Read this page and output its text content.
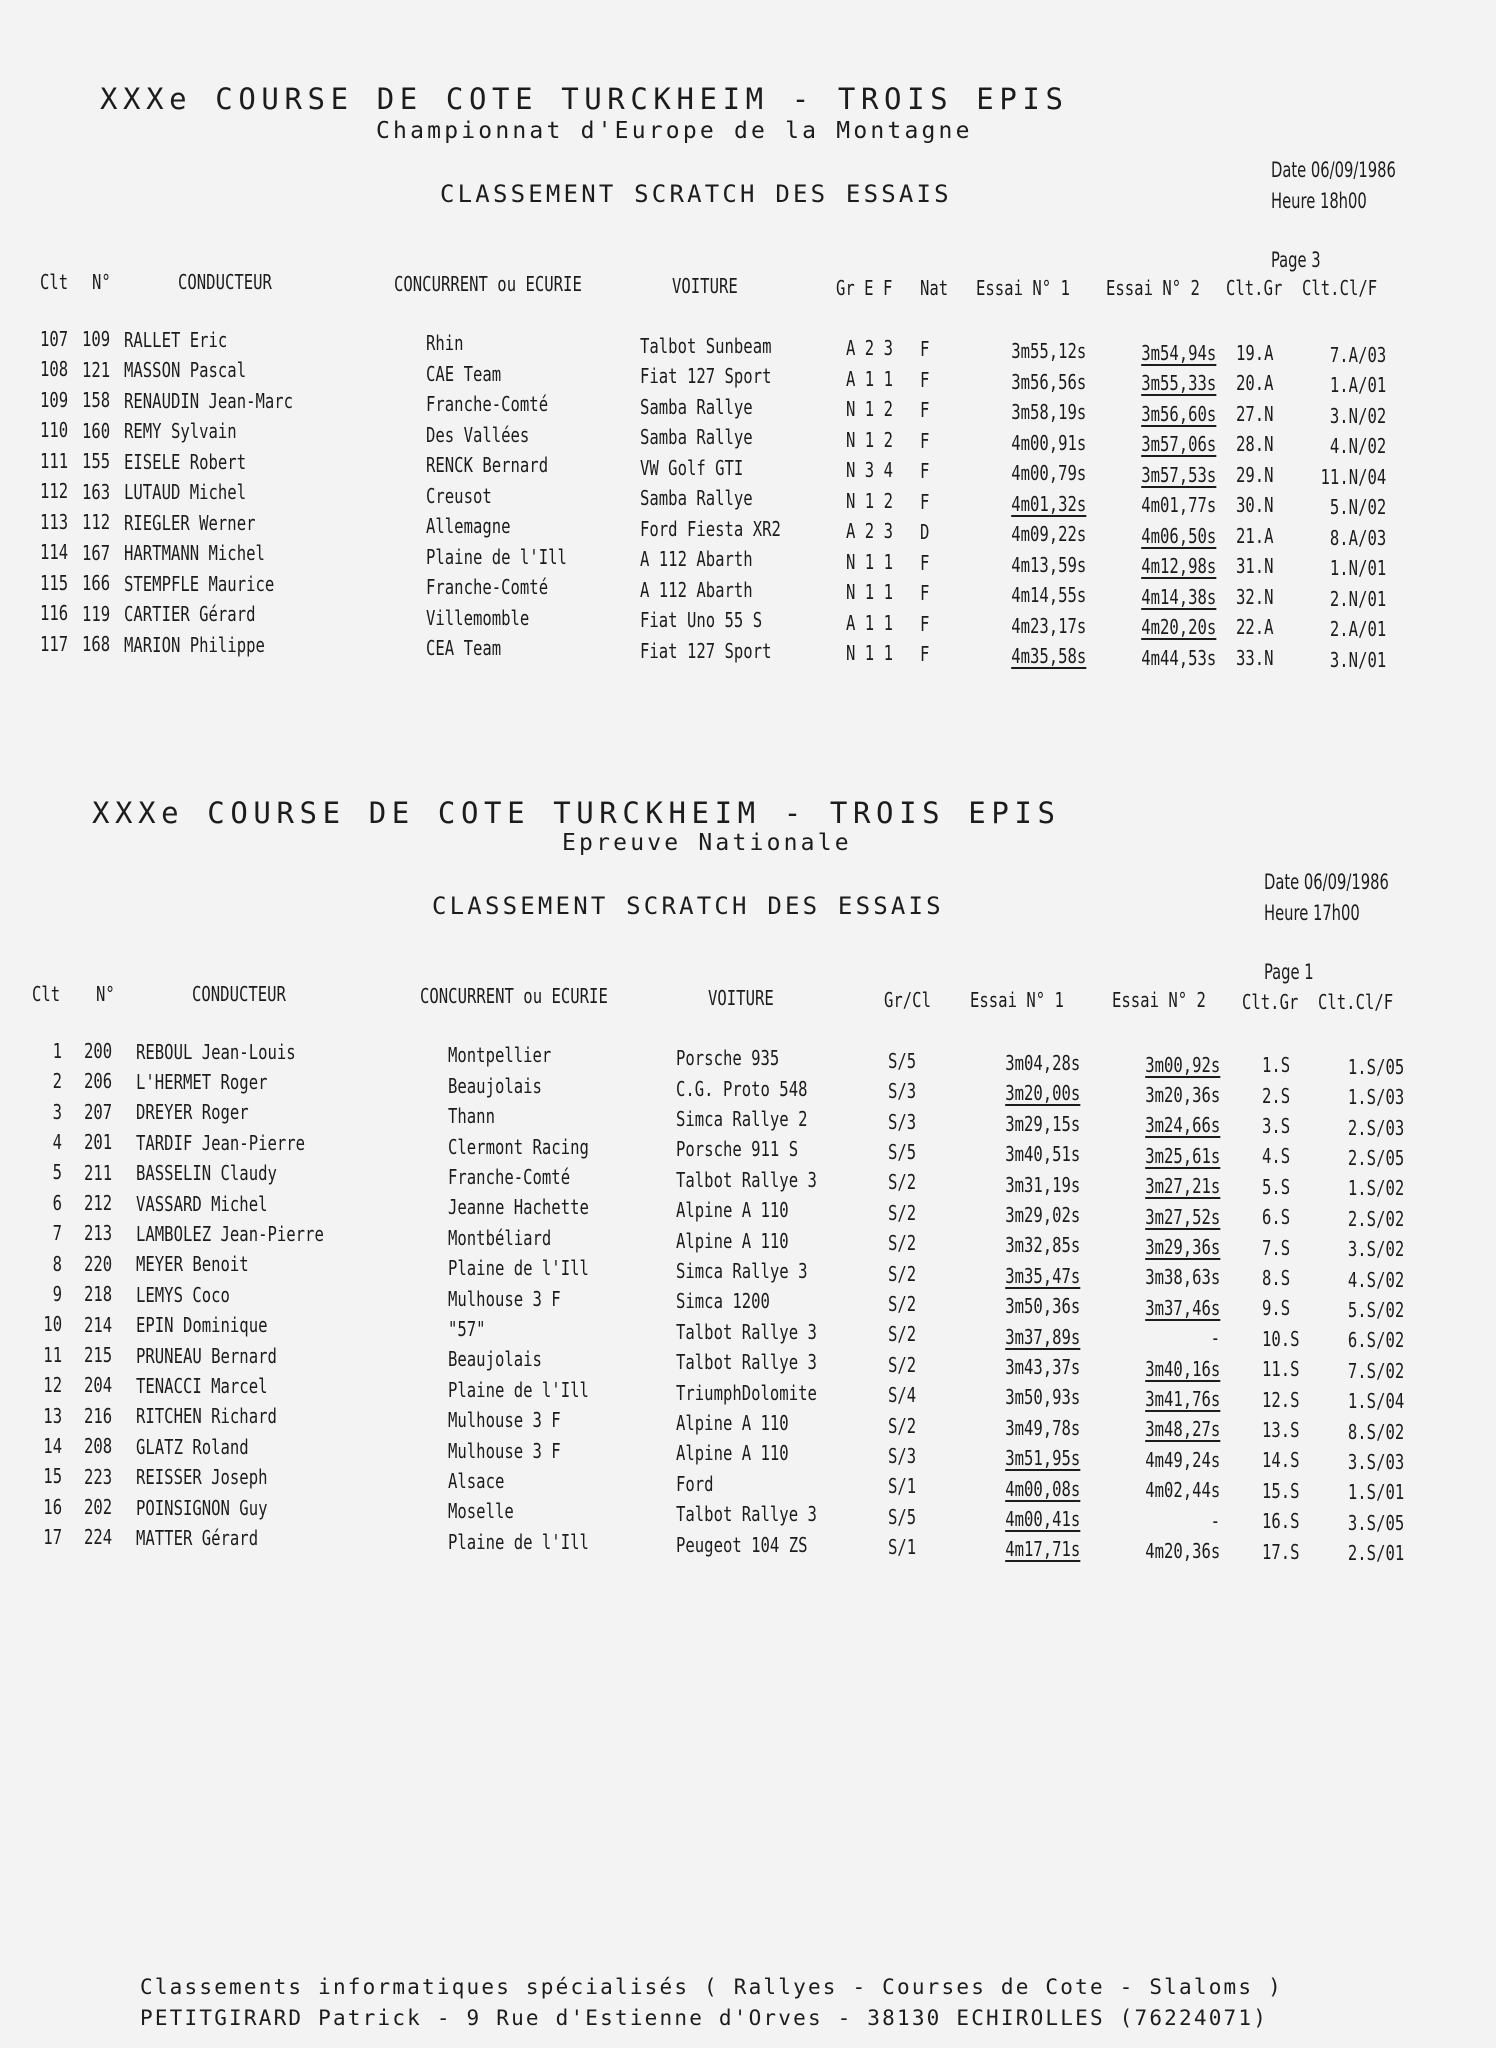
XXXe COURSE DE COTE TURCKHEIM - TROIS EPIS
Championnat d'Europe de la Montagne
CLASSEMENT SCRATCH DES ESSAIS
Date 06/09/1986
Heure 18h00
Page 3
Clt N°	CONDUCTEUR	CONCURRENT ou ECURIE	VOITURE	Gr E F Nat Essai N° 1 Essai N° 2 Clt.Gr Clt.Cl/F
107 109 RALLET Eric	Rhin	Talbot Sunbeam	A 2 3 F	3m55,12s	3m54,94s 19.A	7.A/03
108 121 MASSON Pascal	CAE Team	Fiat 127 Sport	A 1 1 F	3m56,56s	3m55,33s 20.A	1.A/01
109 158 RENAUDIN Jean-Marc	Franche-Comté	Samba Rallye	N 1 2 F	3m58,19s	3m56,60s 27.N	3.N/02
110 160 REMY Sylvain	Des Vallées	Samba Rallye	N 1 2 F	4m00,91s	3m57,06s 28.N	4.N/02
111 155 EISELE Robert	RENCK Bernard	VW Golf GTI	N 3 4 F	4m00,79s	3m57,53s 29.N 11.N/04
112 163 LUTAUD Michel	Creusot	Samba Rallye	N 1 2 F	4m01,32s	4m01,77s 30.N	5.N/02
113 112 RIEGLER Werner	Allemagne	Ford Fiesta XR2	A 2 3 D	4m09,22s	4m06,50s 21.A	8.A/03
114 167 HARTMANN Michel	Plaine de l'Ill	A 112 Abarth	N 1 1 F	4m13,59s	4m12,98s 31.N	1.N/01
115 166 STEMPFLE Maurice	Franche-Comté	A 112 Abarth	N 1 1 F	4m14,55s	4m14,38s 32.N	2.N/01
116 119 CARTIER Gérard	Villemomble	Fiat Uno 55 S	A 1 1 F	4m23,17s	4m20,20s 22.A	2.A/01
117 168 MARION Philippe	CEA Team	Fiat 127 Sport	N 1 1 F	4m35,58s	4m44,53s 33.N	3.N/01
XXXe COURSE DE COTE TURCKHEIM - TROIS EPIS
Epreuve Nationale
CLASSEMENT SCRATCH DES ESSAIS
Date 06/09/1986
Heure 17h00
Page 1
Clt N°	CONDUCTEUR	CONCURRENT ou ECURIE	VOITURE	Gr/Cl Essai N° 1 Essai N° 2 Clt.Gr Clt.Cl/F
1 200 REBOUL Jean-Louis	Montpellier	Porsche 935	S/5	3m04,28s	3m00,92s 1.S	1.S/05
2 206 L'HERMET Roger	Beaujolais	C.G. Proto 548	S/3	3m20,00s	3m20,36s 2.S	1.S/03
3 207 DREYER Roger	Thann	Simca Rallye 2	S/3	3m29,15s	3m24,66s 3.S	2.S/03
4 201 TARDIF Jean-Pierre	Clermont Racing	Porsche 911 S	S/5	3m40,51s	3m25,61s 4.S	2.S/05
5 211 BASSELIN Claudy	Franche-Comté	Talbot Rallye 3	S/2	3m31,19s	3m27,21s 5.S	1.S/02
6 212 VASSARD Michel	Jeanne Hachette	Alpine A 110	S/2	3m29,02s	3m27,52s 6.S	2.S/02
7 213 LAMBOLEZ Jean-Pierre	Montbéliard	Alpine A 110	S/2	3m32,85s	3m29,36s 7.S	3.S/02
8 220 MEYER Benoit	Plaine de l'Ill	Simca Rallye 3	S/2	3m35,47s	3m38,63s 8.S	4.S/02
9 218 LEMYS Coco	Mulhouse 3 F	Simca 1200	S/2	3m50,36s	3m37,46s 9.S	5.S/02
10 214 EPIN Dominique	"57"	Talbot Rallye 3	S/2	3m37,89s	- 10.S 6.S/02
11 215 PRUNEAU Bernard	Beaujolais	Talbot Rallye 3	S/2	3m43,37s	3m40,16s 11.S 7.S/02
12 204 TENACCI Marcel	Plaine de l'Ill	TriumphDolomite	S/4	3m50,93s	3m41,76s 12.S 1.S/04
13 216 RITCHEN Richard	Mulhouse 3 F	Alpine A 110	S/2	3m49,78s	3m48,27s 13.S 8.S/02
14 208 GLATZ Roland	Mulhouse 3 F	Alpine A 110	S/3	3m51,95s	4m49,24s 14.S 3.S/03
15 223 REISSER Joseph	Alsace	Ford	S/1	4m00,08s	4m02,44s 15.S 1.S/01
16 202 POINSIGNON Guy	Moselle	Talbot Rallye 3	S/5	4m00,41s	- 16.S 3.S/05
17 224 MATTER Gérard	Plaine de l'Ill	Peugeot 104 ZS	S/1	4m17,71s	4m20,36s 17.S 2.S/01
Classements informatiques spécialisés ( Rallyes - Courses de Cote - Slaloms )
PETITGIRARD Patrick - 9 Rue d'Estienne d'Orves - 38130 ECHIROLLES (76224071)
